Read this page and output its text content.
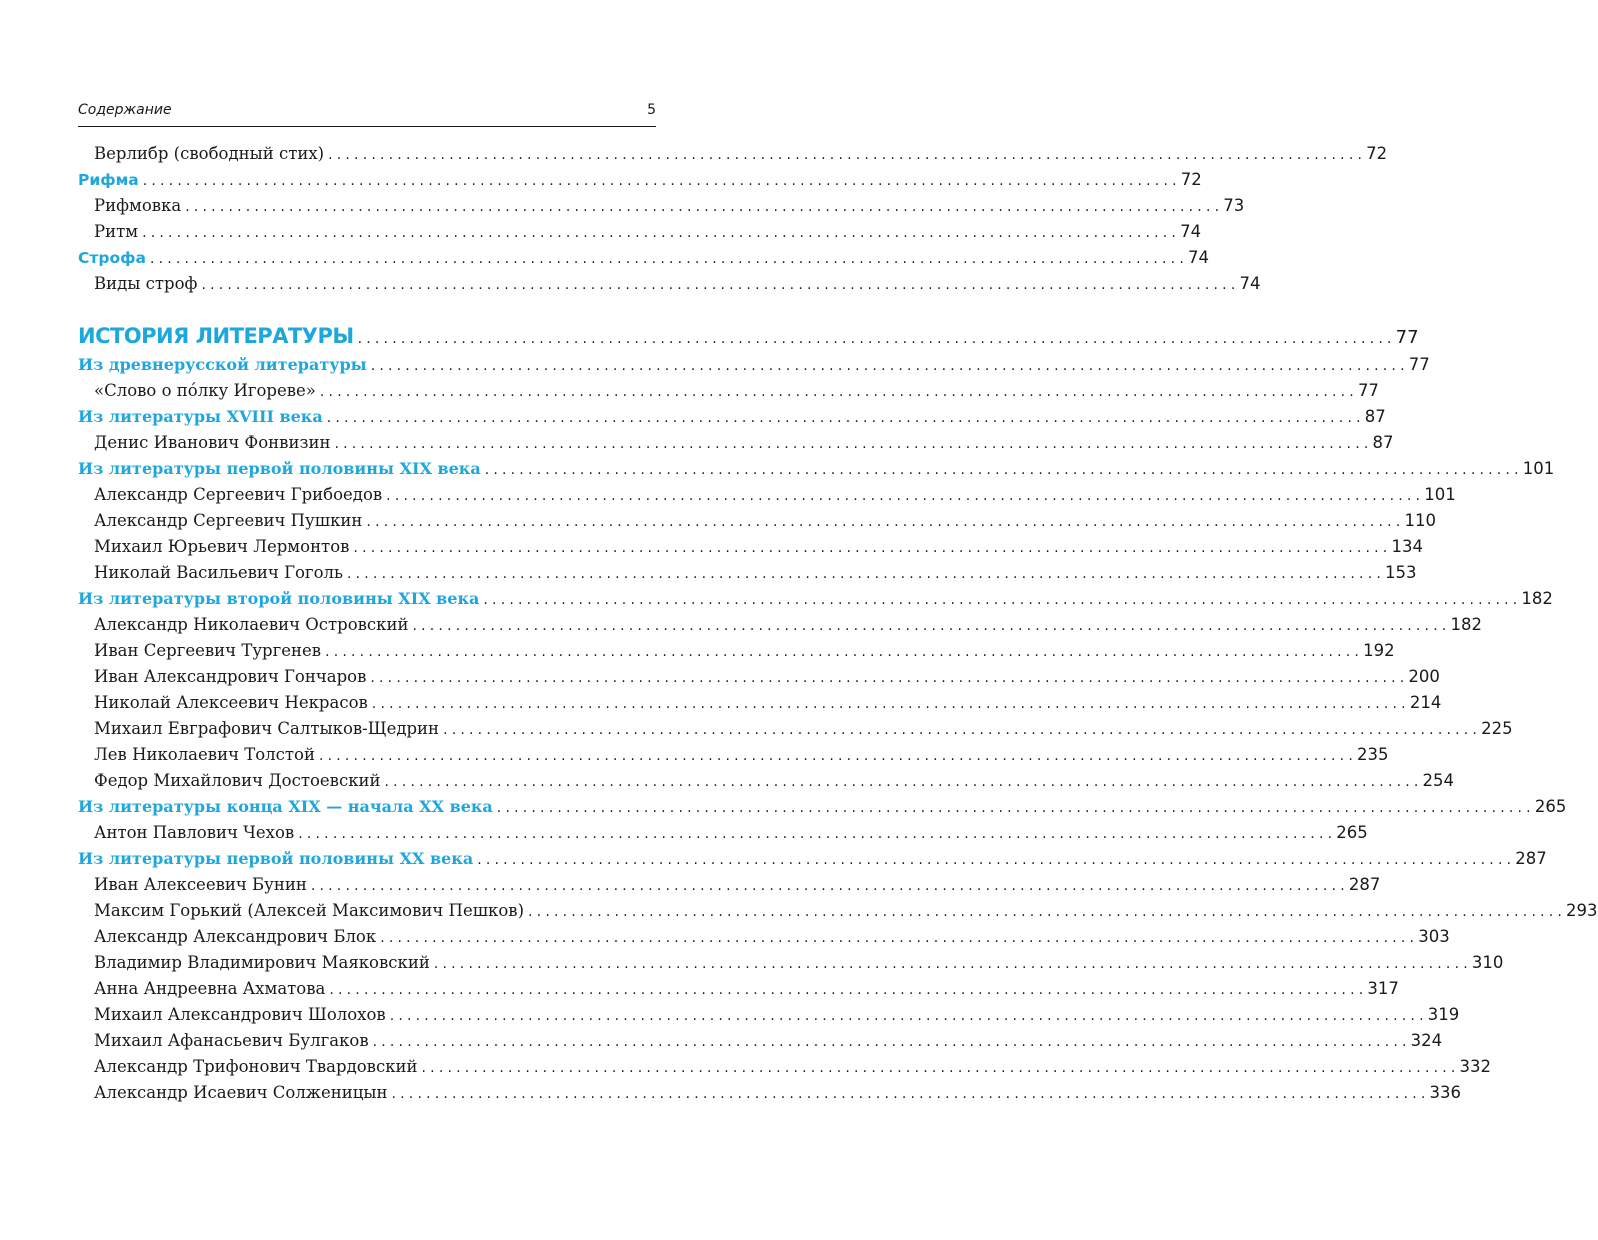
Содержание	5
Верлибр (свободный стих) ........................................................................................................................ 72
Рифма ........................................................................................................................ 72
Рифмовка ........................................................................................................................ 73
Ритм ........................................................................................................................ 74
Строфа ........................................................................................................................ 74
Виды строф ........................................................................................................................ 74
ИСТОРИЯ ЛИТЕРАТУРЫ ........................................................................................................................ 77
Из древнерусской литературы ........................................................................................................................ 77
«Слово о пóлку Игореве» ........................................................................................................................ 77
Из литературы XVIII века ........................................................................................................................ 87
Денис Иванович Фонвизин ........................................................................................................................ 87
Из литературы первой половины XIX века ........................................................................................................................ 101
Александр Сергеевич Грибоедов ........................................................................................................................ 101
Александр Сергеевич Пушкин ........................................................................................................................ 110
Михаил Юрьевич Лермонтов ........................................................................................................................ 134
Николай Васильевич Гоголь ........................................................................................................................ 153
Из литературы второй половины XIX века ........................................................................................................................ 182
Александр Николаевич Островский ........................................................................................................................ 182
Иван Сергеевич Тургенев ........................................................................................................................ 192
Иван Александрович Гончаров ........................................................................................................................ 200
Николай Алексеевич Некрасов ........................................................................................................................ 214
Михаил Евграфович Салтыков-Щедрин ........................................................................................................................ 225
Лев Николаевич Толстой ........................................................................................................................ 235
Федор Михайлович Достоевский ........................................................................................................................ 254
Из литературы конца XIX — начала XX века ........................................................................................................................ 265
Антон Павлович Чехов ........................................................................................................................ 265
Из литературы первой половины XX века ........................................................................................................................ 287
Иван Алексеевич Бунин ........................................................................................................................ 287
Максим Горький (Алексей Максимович Пешков) ........................................................................................................................ 293
Александр Александрович Блок ........................................................................................................................ 303
Владимир Владимирович Маяковский ........................................................................................................................ 310
Анна Андреевна Ахматова ........................................................................................................................ 317
Михаил Александрович Шолохов ........................................................................................................................ 319
Михаил Афанасьевич Булгаков ........................................................................................................................ 324
Александр Трифонович Твардовский ........................................................................................................................ 332
Александр Исаевич Солженицын ........................................................................................................................ 336
